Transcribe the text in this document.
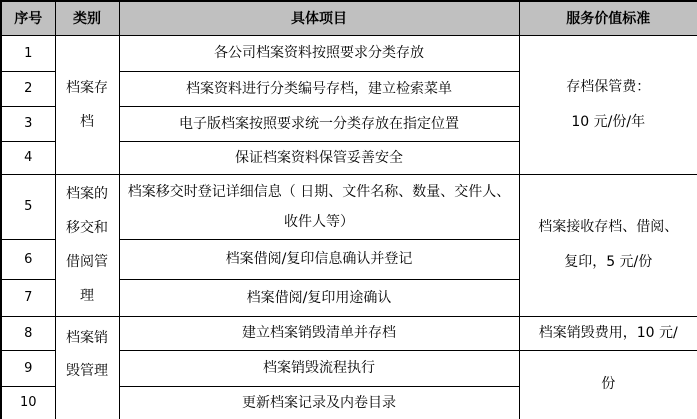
序号	类别	具体项目	服务价值标准
1	档案存档	各公司档案资料按照要求分类存放	存档保管费：
10 元/份/年

2		档案资料进行分类编号存档，建立检索菜单	
3		电子版档案按照要求统一分类存放在指定位置	
4		保证档案资料保管妥善安全	
5	档案的移交和借阅管理	档案移交时登记详细信息（ 日期、文件名称、数量、交件人、收件人等）	档案接收存档、借阅、
复印，5 元/份

6		档案借阅/复印信息确认并登记	
7		档案借阅/复印用途确认	
8	档案销毁管理	建立档案销毁清单并存档	档案销毁费用，10 元/
9		档案销毁流程执行	份
10		更新档案记录及内卷目录	
